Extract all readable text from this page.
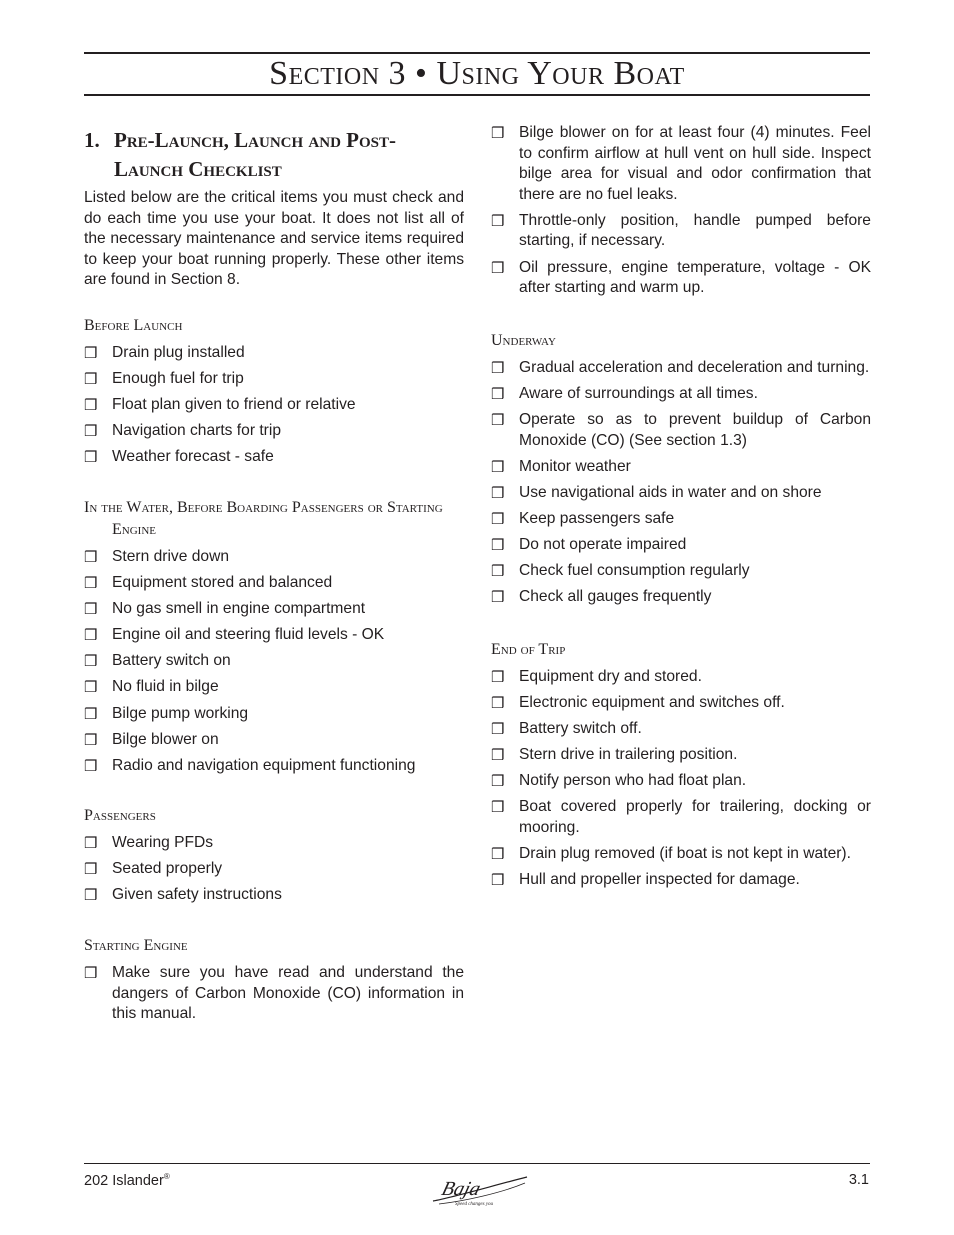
Section 3 • Using Your Boat
1. Pre-Launch, Launch and Post-Launch Checklist

Listed below are the critical items you must check and do each time you use your boat. It does not list all of the necessary maintenance and service items required to keep your boat running properly. These other items are found in Section 8.

Before Launch
❒ Drain plug installed
❒ Enough fuel for trip
❒ Float plan given to friend or relative
❒ Navigation charts for trip
❒ Weather forecast - safe
In the Water, Before Boarding Passengers or Starting Engine
❒ Stern drive down
❒ Equipment stored and balanced
❒ No gas smell in engine compartment
❒ Engine oil and steering fluid levels - OK
❒ Battery switch on
❒ No fluid in bilge
❒ Bilge pump working
❒ Bilge blower on
❒ Radio and navigation equipment functioning
Passengers
❒ Wearing PFDs
❒ Seated properly
❒ Given safety instructions
Starting Engine
❒ Make sure you have read and understand the dangers of Carbon Monoxide (CO) information in this manual.
❒ Bilge blower on for at least four (4) minutes. Feel to confirm airflow at hull vent on hull side. Inspect bilge area for visual and odor confirmation that there are no fuel leaks.
❒ Throttle-only position, handle pumped before starting, if necessary.
❒ Oil pressure, engine temperature, voltage - OK after starting and warm up.
Underway
❒ Gradual acceleration and deceleration and turning.
❒ Aware of surroundings at all times.
❒ Operate so as to prevent buildup of Carbon Monoxide (CO) (See section 1.3)
❒ Monitor weather
❒ Use navigational aids in water and on shore
❒ Keep passengers safe
❒ Do not operate impaired
❒ Check fuel consumption regularly
❒ Check all gauges frequently
End of Trip
❒ Equipment dry and stored.
❒ Electronic equipment and switches off.
❒ Battery switch off.
❒ Stern drive in trailering position.
❒ Notify person who had float plan.
❒ Boat covered properly for trailering, docking or mooring.
❒ Drain plug removed (if boat is not kept in water).
❒ Hull and propeller inspected for damage.
202 Islander®
Baja
Speed changes you
3.1
